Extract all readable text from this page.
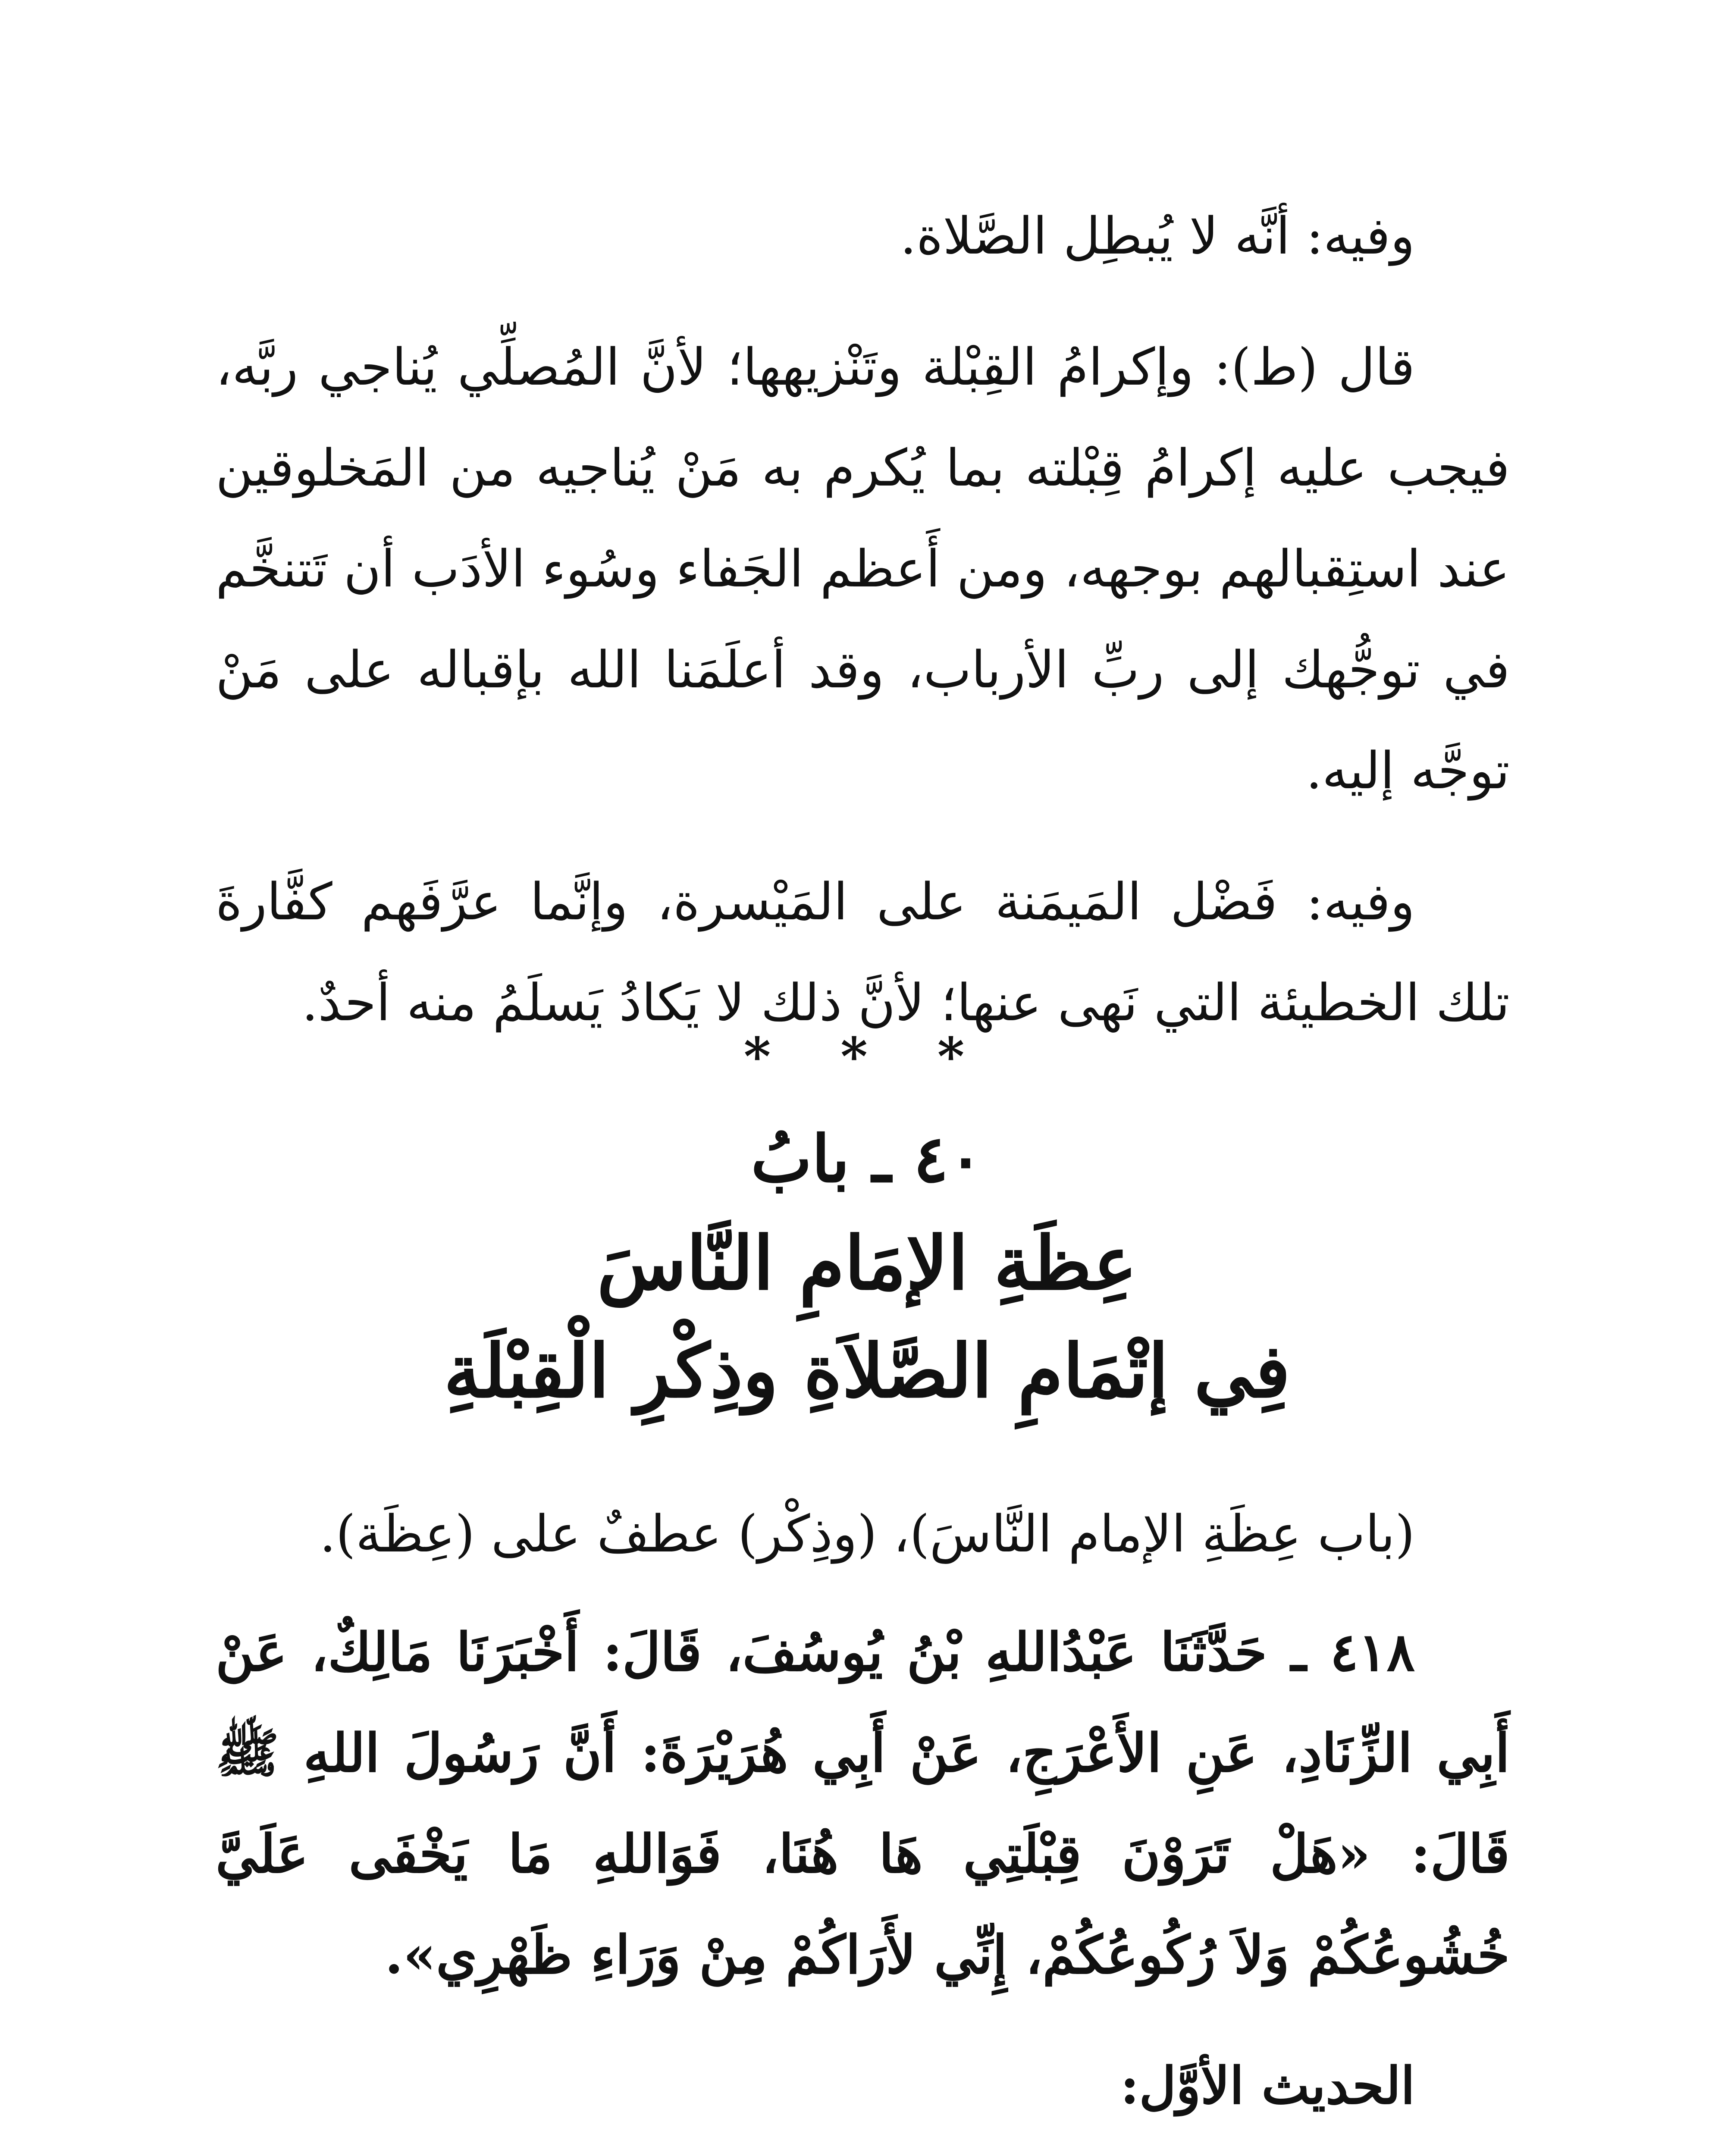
وفيه: أنَّه لا يُبطِل الصَّلاة.

قال (ط): وإكرامُ القِبْلة وتَنْزيهها؛ لأنَّ المُصلِّي يُناجي ربَّه، فيجب عليه إكرامُ قِبْلته بما يُكرم به مَنْ يُناجيه من المَخلوقين عند استِقبالهم بوجهه، ومن أَعظم الجَفاء وسُوء الأدَب أن تَتنخَّم في توجُّهك إلى ربِّ الأرباب، وقد أعلَمَنا الله بإقباله على مَنْ توجَّه إليه.

وفيه: فَضْل المَيمَنة على المَيْسرة، وإنَّما عرَّفَهم كفَّارةَ تلك الخطيئة التي نَهى عنها؛ لأنَّ ذلك لا يَكادُ يَسلَمُ منه أحدٌ.

* * *
٤٠ ـ بابُ
عِظَةِ الإمَامِ النَّاسَ
فِي إتْمَامِ الصَّلاَةِ وذِكْرِ الْقِبْلَةِ

(باب عِظَةِ الإمام النَّاسَ)، (وذِكْر) عطفٌ على (عِظَة).

٤١٨ ـ حَدَّثَنَا عَبْدُاللهِ بْنُ يُوسُفَ، قَالَ: أَخْبَرَنَا مَالِكٌ، عَنْ أَبِي الزِّنَادِ، عَنِ الأَعْرَجِ، عَنْ أَبِي هُرَيْرَةَ: أَنَّ رَسُولَ اللهِ ﷺ قَالَ: «هَلْ تَرَوْنَ قِبْلَتِي هَا هُنَا، فَوَاللهِ مَا يَخْفَى عَلَيَّ خُشُوعُكُمْ وَلاَ رُكُوعُكُمْ، إِنِّي لأَرَاكُمْ مِنْ وَرَاءِ ظَهْرِي».

الحديث الأوَّل:
